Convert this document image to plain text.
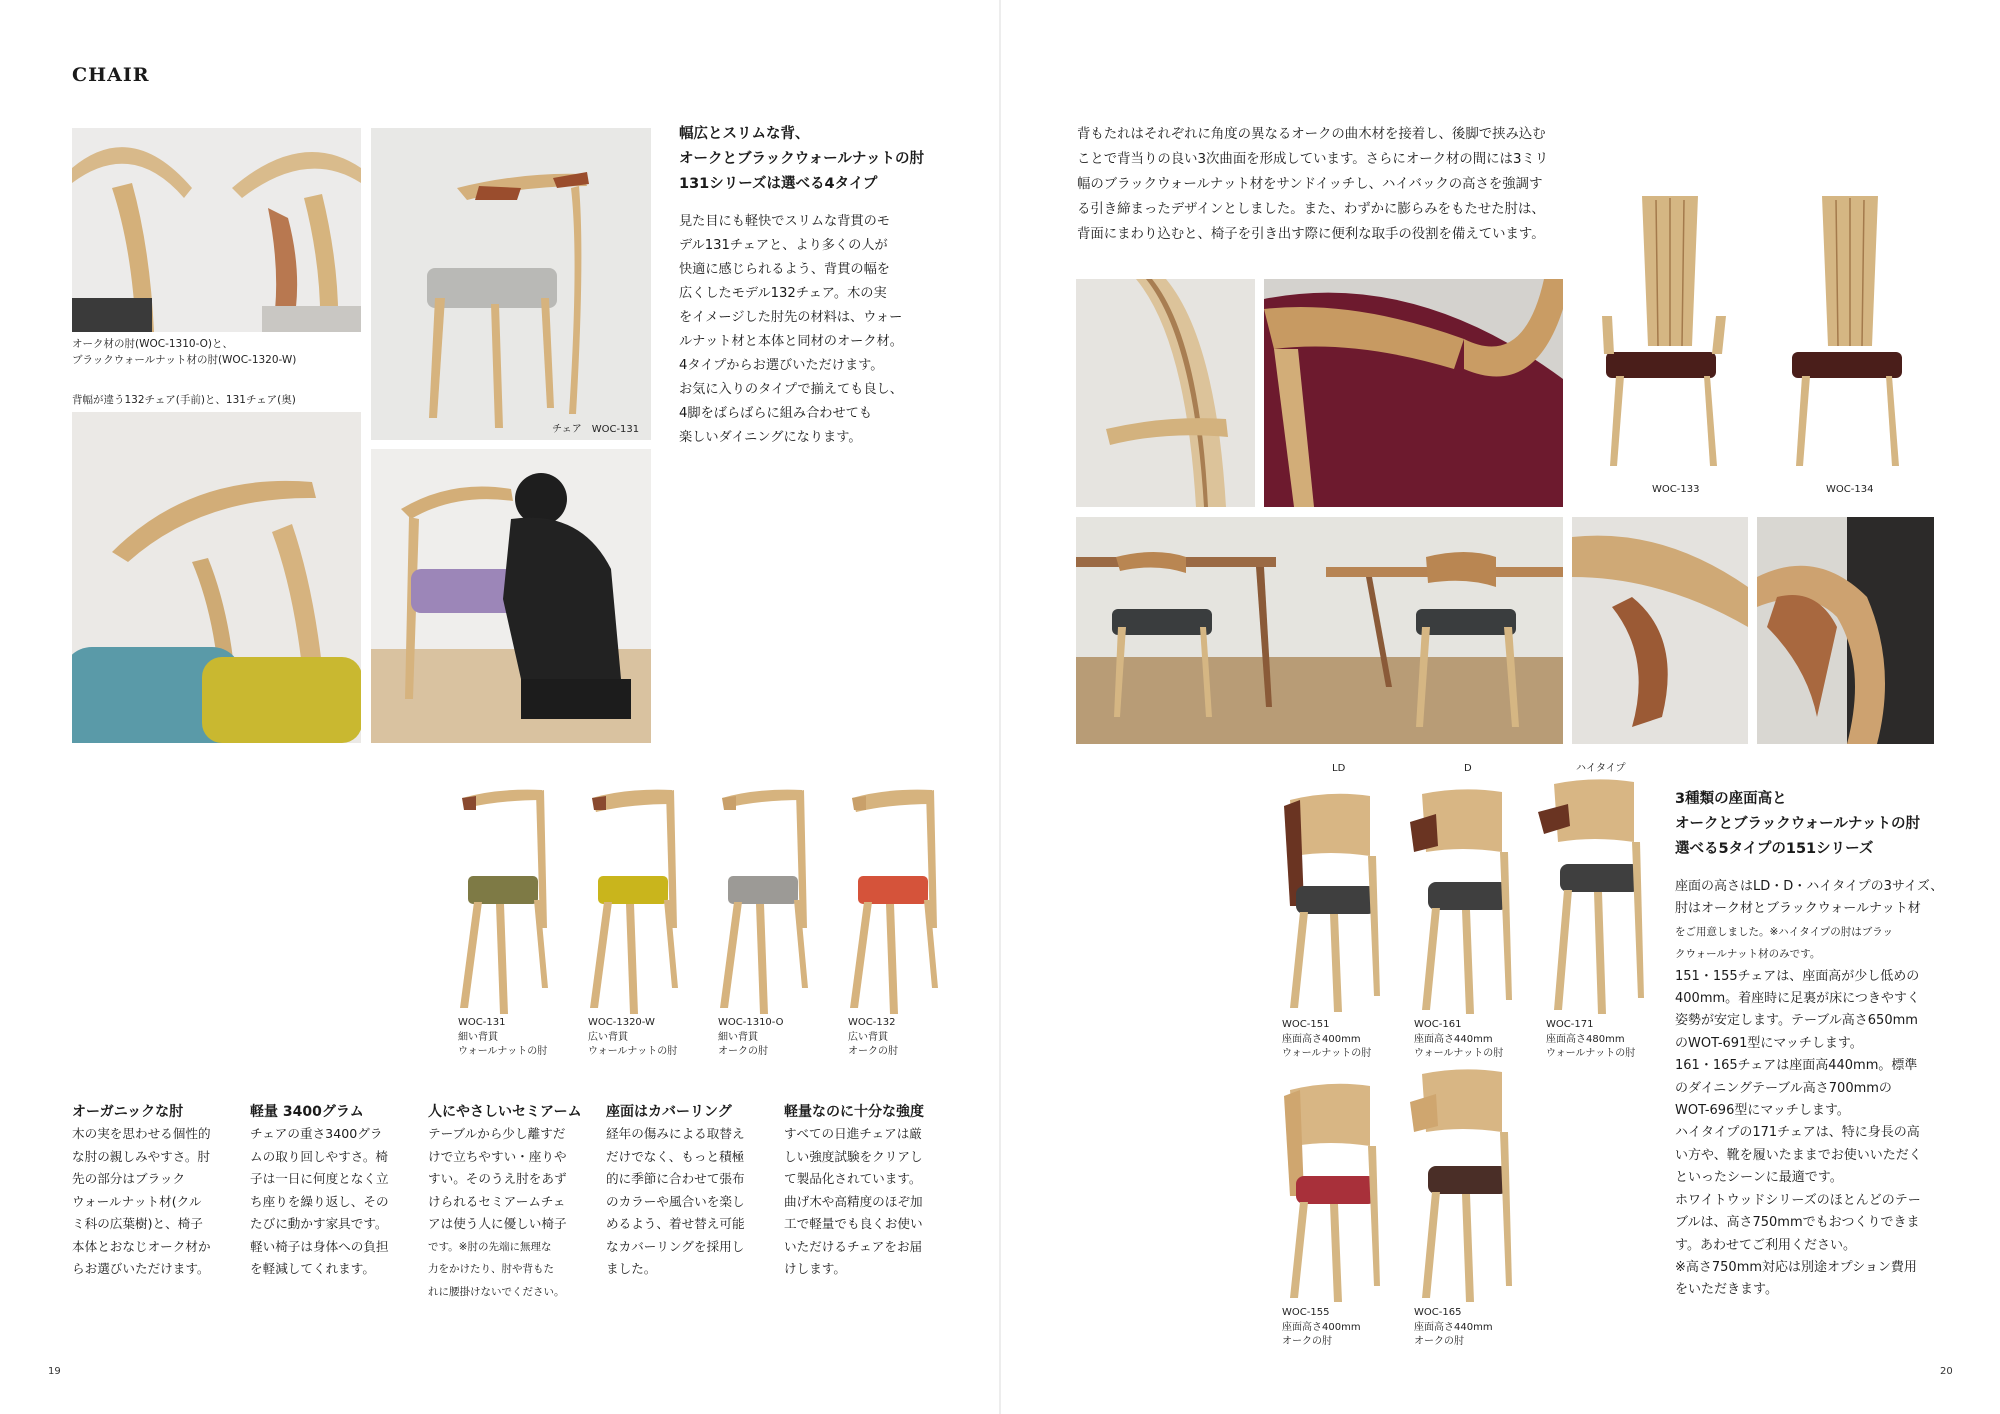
CHAIR
オーク材の肘(WOC-1310-O)と、
ブラックウォールナット材の肘(WOC-1320-W)
背幅が違う132チェア(手前)と、131チェア(奥)
チェア　WOC-131
幅広とスリムな背、
オークとブラックウォールナットの肘
131シリーズは選べる4タイプ
見た目にも軽快でスリムな背貫のモ
デル131チェアと、より多くの人が
快適に感じられるよう、背貫の幅を
広くしたモデル132チェア。木の実
をイメージした肘先の材料は、ウォー
ルナット材と本体と同材のオーク材。
4タイプからお選びいただけます。
お気に入りのタイプで揃えても良し、
4脚をばらばらに組み合わせても
楽しいダイニングになります。
WOC-131
細い背貫
ウォールナットの肘
WOC-1320-W
広い背貫
ウォールナットの肘
WOC-1310-O
細い背貫
オークの肘
WOC-132
広い背貫
オークの肘
オーガニックな肘
木の実を思わせる個性的
な肘の親しみやすさ。肘
先の部分はブラック
ウォールナット材(クル
ミ科の広葉樹)と、椅子
本体とおなじオーク材か
らお選びいただけます。
軽量 3400グラム
チェアの重さ3400グラ
ムの取り回しやすさ。椅
子は一日に何度となく立
ち座りを繰り返し、その
たびに動かす家具です。
軽い椅子は身体への負担
を軽減してくれます。
人にやさしいセミアーム
テーブルから少し離すだ
けで立ちやすい・座りや
すい。そのうえ肘をあず
けられるセミアームチェ
アは使う人に優しい椅子
です。※肘の先端に無理な
力をかけたり、肘や背もた
れに腰掛けないでください。
座面はカバーリング
経年の傷みによる取替え
だけでなく、もっと積極
的に季節に合わせて張布
のカラーや風合いを楽し
めるよう、着せ替え可能
なカバーリングを採用し
ました。
軽量なのに十分な強度
すべての日進チェアは厳
しい強度試験をクリアし
て製品化されています。
曲げ木や高精度のほぞ加
工で軽量でも良くお使い
いただけるチェアをお届
けします。
19
背もたれはそれぞれに角度の異なるオークの曲木材を接着し、後脚で挟み込む
ことで背当りの良い3次曲面を形成しています。さらにオーク材の間には3ミリ
幅のブラックウォールナット材をサンドイッチし、ハイバックの高さを強調す
る引き締まったデザインとしました。また、わずかに膨らみをもたせた肘は、
背面にまわり込むと、椅子を引き出す際に便利な取手の役割を備えています。
WOC-133	WOC-134
LD	D	ハイタイプ
WOC-151
座面高さ400mm
ウォールナットの肘
WOC-161
座面高さ440mm
ウォールナットの肘
WOC-171
座面高さ480mm
ウォールナットの肘
WOC-155
座面高さ400mm
オークの肘
WOC-165
座面高さ440mm
オークの肘
3種類の座面高と
オークとブラックウォールナットの肘
選べる5タイプの151シリーズ
座面の高さはLD・D・ハイタイプの3サイズ、
肘はオーク材とブラックウォールナット材
をご用意しました。※ハイタイプの肘はブラッ
クウォールナット材のみです。
151・155チェアは、座面高が少し低めの
400mm。着座時に足裏が床につきやすく
姿勢が安定します。テーブル高さ650mm
のWOT-691型にマッチします。
161・165チェアは座面高440mm。標準
のダイニングテーブル高さ700mmの
WOT-696型にマッチします。
ハイタイプの171チェアは、特に身長の高
い方や、靴を履いたままでお使いいただく
といったシーンに最適です。
ホワイトウッドシリーズのほとんどのテー
ブルは、高さ750mmでもおつくりできま
す。あわせてご利用ください。
※高さ750mm対応は別途オプション費用
をいただきます。
20
